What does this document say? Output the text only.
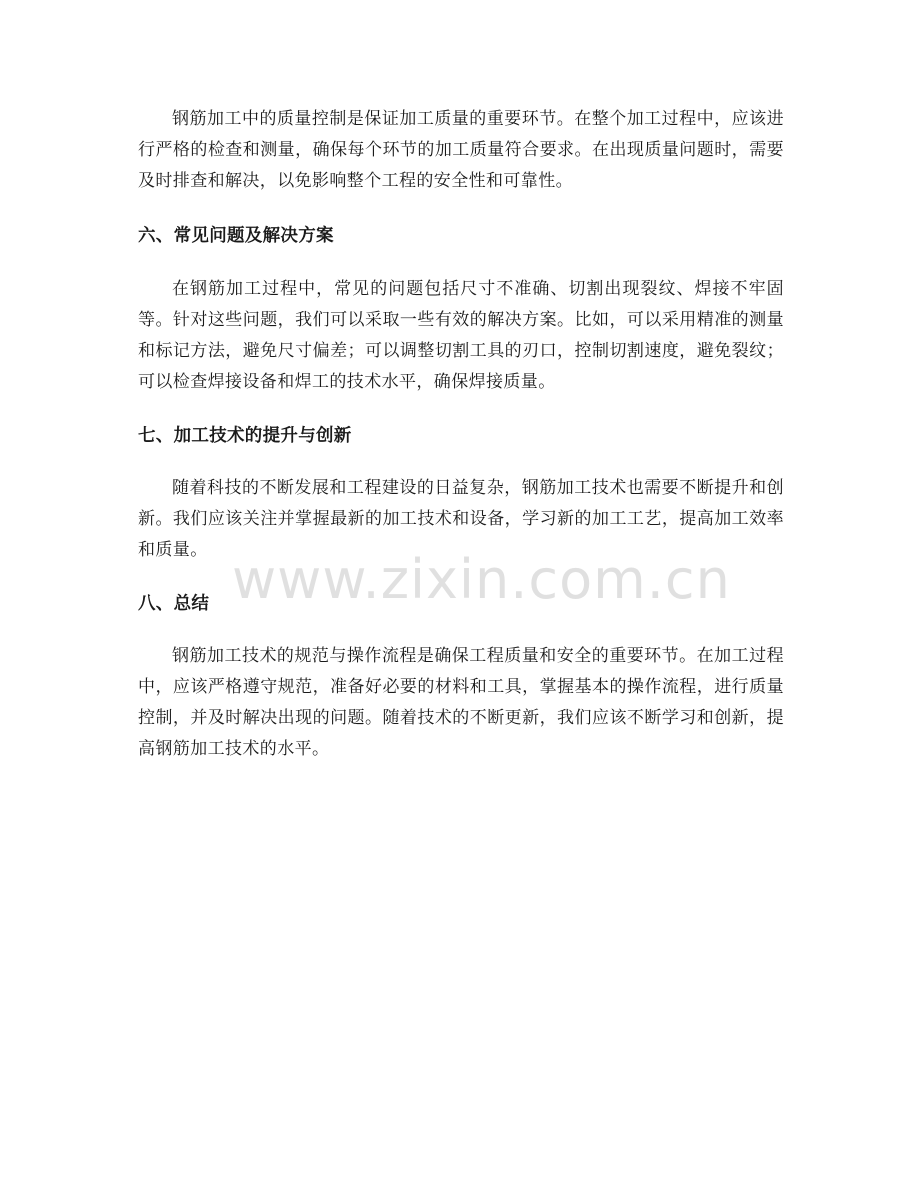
钢筋加工中的质量控制是保证加工质量的重要环节。在整个加工过程中，应该进行严格的检查和测量，确保每个环节的加工质量符合要求。在出现质量问题时，需要及时排查和解决，以免影响整个工程的安全性和可靠性。

六、常见问题及解决方案

在钢筋加工过程中，常见的问题包括尺寸不准确、切割出现裂纹、焊接不牢固等。针对这些问题，我们可以采取一些有效的解决方案。比如，可以采用精准的测量和标记方法，避免尺寸偏差；可以调整切割工具的刃口，控制切割速度，避免裂纹；可以检查焊接设备和焊工的技术水平，确保焊接质量。

七、加工技术的提升与创新

随着科技的不断发展和工程建设的日益复杂，钢筋加工技术也需要不断提升和创新。我们应该关注并掌握最新的加工技术和设备，学习新的加工工艺，提高加工效率和质量。

八、总结

钢筋加工技术的规范与操作流程是确保工程质量和安全的重要环节。在加工过程中，应该严格遵守规范，准备好必要的材料和工具，掌握基本的操作流程，进行质量控制，并及时解决出现的问题。随着技术的不断更新，我们应该不断学习和创新，提高钢筋加工技术的水平。

www.zixin.com.cn
